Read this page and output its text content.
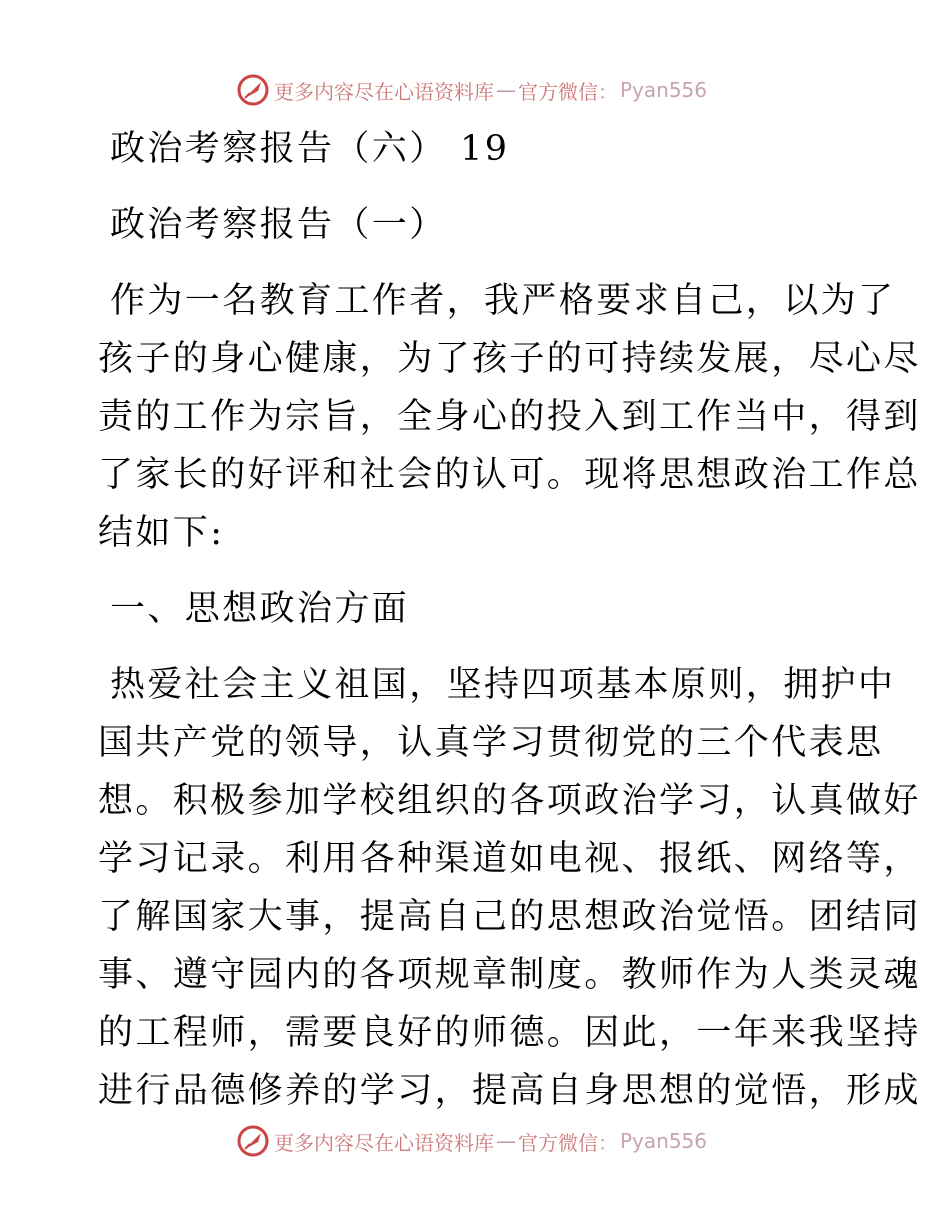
更多内容尽在心语资料库 — 官方微信 ： Pyan556

政治考察报告（六） 19

政治考察报告（一）

作为一名教育工作者，我严格要求自己，以为了

孩子的身心健康，为了孩子的可持续发展，尽心尽

责的工作为宗旨，全身心的投入到工作当中，得到

了家长的好评和社会的认可。现将思想政治工作总

结如下:

一、思想政治方面

热爱社会主义祖国，坚持四项基本原则，拥护中

国共产党的领导，认真学习贯彻党的三个代表思

想。积极参加学校组织的各项政治学习，认真做好

学习记录。利用各种渠道如电视、报纸、网络等，

了解国家大事，提高自己的思想政治觉悟。团结同

事、遵守园内的各项规章制度。教师作为人类灵魂

的工程师，需要良好的师德。因此，一年来我坚持

进行品德修养的学习，提高自身思想的觉悟，形成

更多内容尽在心语资料库 — 官方微信 ： Pyan556
